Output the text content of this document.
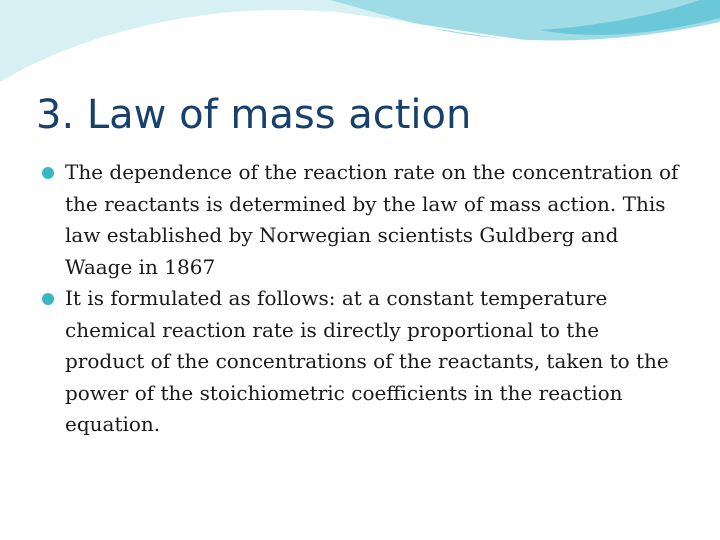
3. Law of mass action
The dependence of the reaction rate on the concentration of the reactants is determined by the law of mass action. This law established by Norwegian scientists Guldberg and Waage in 1867
It is formulated as follows: at a constant temperature chemical reaction rate is directly proportional to the product of the concentrations of the reactants, taken to the power of the stoichiometric coefficients in the reaction equation.
